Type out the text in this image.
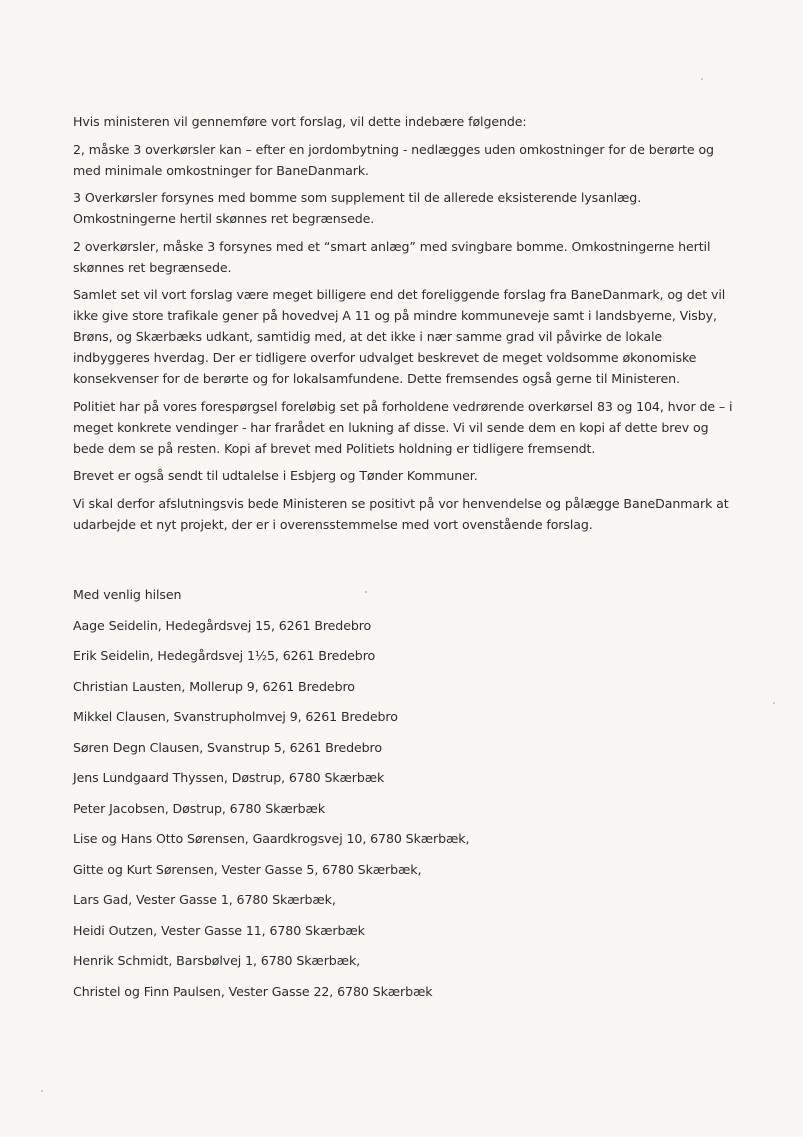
Hvis ministeren vil gennemføre vort forslag, vil dette indebære følgende:

2, måske 3 overkørsler kan – efter en jordombytning - nedlægges uden omkostninger for de berørte og med minimale omkostninger for BaneDanmark.

3 Overkørsler forsynes med bomme som supplement til de allerede eksisterende lysanlæg. Omkostningerne hertil skønnes ret begrænsede.

2 overkørsler, måske 3 forsynes med et “smart anlæg” med svingbare bomme. Omkostningerne hertil skønnes ret begrænsede.

Samlet set vil vort forslag være meget billigere end det foreliggende forslag fra BaneDanmark, og det vil ikke give store trafikale gener på hovedvej A 11 og på mindre kommuneveje samt i landsbyerne, Visby, Brøns, og Skærbæks udkant, samtidig med, at det ikke i nær samme grad vil påvirke de lokale indbyggeres hverdag. Der er tidligere overfor udvalget beskrevet de meget voldsomme økonomiske konsekvenser for de berørte og for lokalsamfundene. Dette fremsendes også gerne til Ministeren.

Politiet har på vores forespørgsel foreløbig set på forholdene vedrørende overkørsel 83 og 104, hvor de – i meget konkrete vendinger - har frarådet en lukning af disse. Vi vil sende dem en kopi af dette brev og bede dem se på resten. Kopi af brevet med Politiets holdning er tidligere fremsendt.

Brevet er også sendt til udtalelse i Esbjerg og Tønder Kommuner.

Vi skal derfor afslutningsvis bede Ministeren se positivt på vor henvendelse og pålægge BaneDanmark at udarbejde et nyt projekt, der er i overensstemmelse med vort ovenstående forslag.

Med venlig hilsen
Aage Seidelin, Hedegårdsvej 15, 6261 Bredebro
Erik Seidelin, Hedegårdsvej 1½5, 6261 Bredebro
Christian Lausten, Mollerup 9, 6261 Bredebro
Mikkel Clausen, Svanstrupholmvej 9, 6261 Bredebro
Søren Degn Clausen, Svanstrup 5, 6261 Bredebro
Jens Lundgaard Thyssen, Døstrup, 6780 Skærbæk
Peter Jacobsen, Døstrup, 6780 Skærbæk
Lise og Hans Otto Sørensen, Gaardkrogsvej 10, 6780 Skærbæk,
Gitte og Kurt Sørensen, Vester Gasse 5, 6780 Skærbæk,
Lars Gad, Vester Gasse 1, 6780 Skærbæk,
Heidi Outzen, Vester Gasse 11, 6780 Skærbæk
Henrik Schmidt, Barsbølvej 1, 6780 Skærbæk,
Christel og Finn Paulsen, Vester Gasse 22, 6780 Skærbæk
